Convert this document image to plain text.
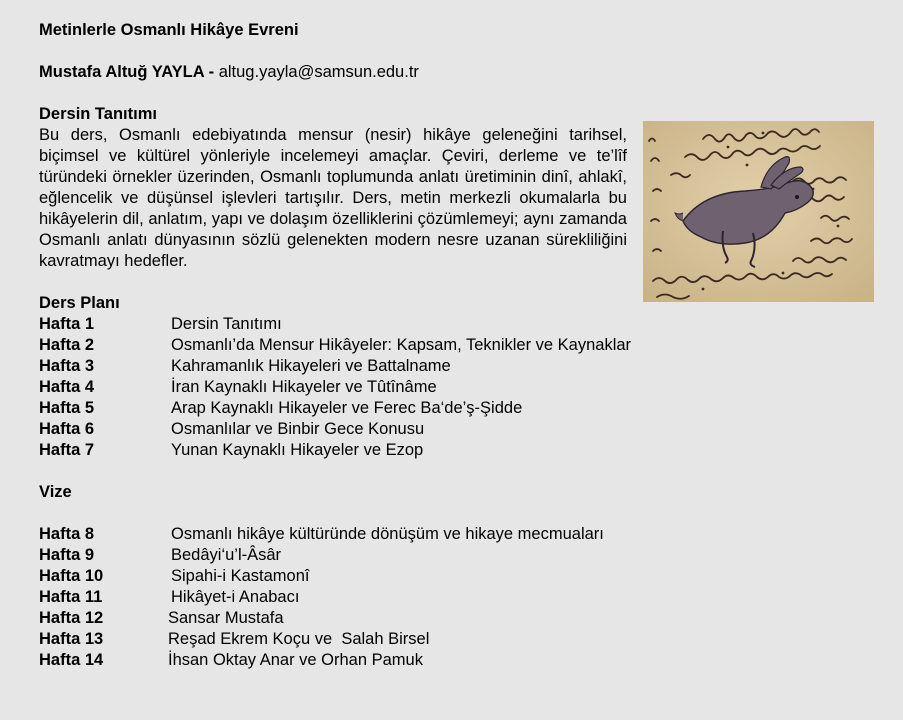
Metinlerle Osmanlı Hikâye Evreni
Mustafa Altuğ YAYLA - altug.yayla@samsun.edu.tr
Dersin Tanıtımı
Bu ders, Osmanlı edebiyatında mensur (nesir) hikâye geleneğini tarihsel, biçimsel ve kültürel yönleriyle incelemeyi amaçlar. Çeviri, derleme ve te’lîf türündeki örnekler üzerinden, Osmanlı toplumunda anlatı üretiminin dinî, ahlakî, eğlencelik ve düşünsel işlevleri tartışılır. Ders, metin merkezli okumalarla bu hikâyelerin dil, anlatım, yapı ve dolaşım özelliklerini çözümlemeyi; aynı zamanda Osmanlı anlatı dünyasının sözlü gelenekten modern nesre uzanan sürekliliğini kavratmayı hedefler.
Ders Planı
Hafta 1	Dersin Tanıtımı
Hafta 2	Osmanlı’da Mensur Hikâyeler: Kapsam, Teknikler ve Kaynaklar
Hafta 3	Kahramanlık Hikayeleri ve Battalname
Hafta 4	İran Kaynaklı Hikayeler ve Tûtînâme
Hafta 5	Arap Kaynaklı Hikayeler ve Ferec Ba‘de’ş-Şidde
Hafta 6	Osmanlılar ve Binbir Gece Konusu
Hafta 7	Yunan Kaynaklı Hikayeler ve Ezop
Vize
Hafta 8	Osmanlı hikâye kültüründe dönüşüm ve hikaye mecmuaları
Hafta 9	Bedâyi‘u’l-Âsâr
Hafta 10	Sipahi-i Kastamonî
Hafta 11	Hikâyet-i Anabacı
Hafta 12	Sansar Mustafa
Hafta 13	Reşad Ekrem Koçu ve  Salah Birsel
Hafta 14	İhsan Oktay Anar ve Orhan Pamuk
